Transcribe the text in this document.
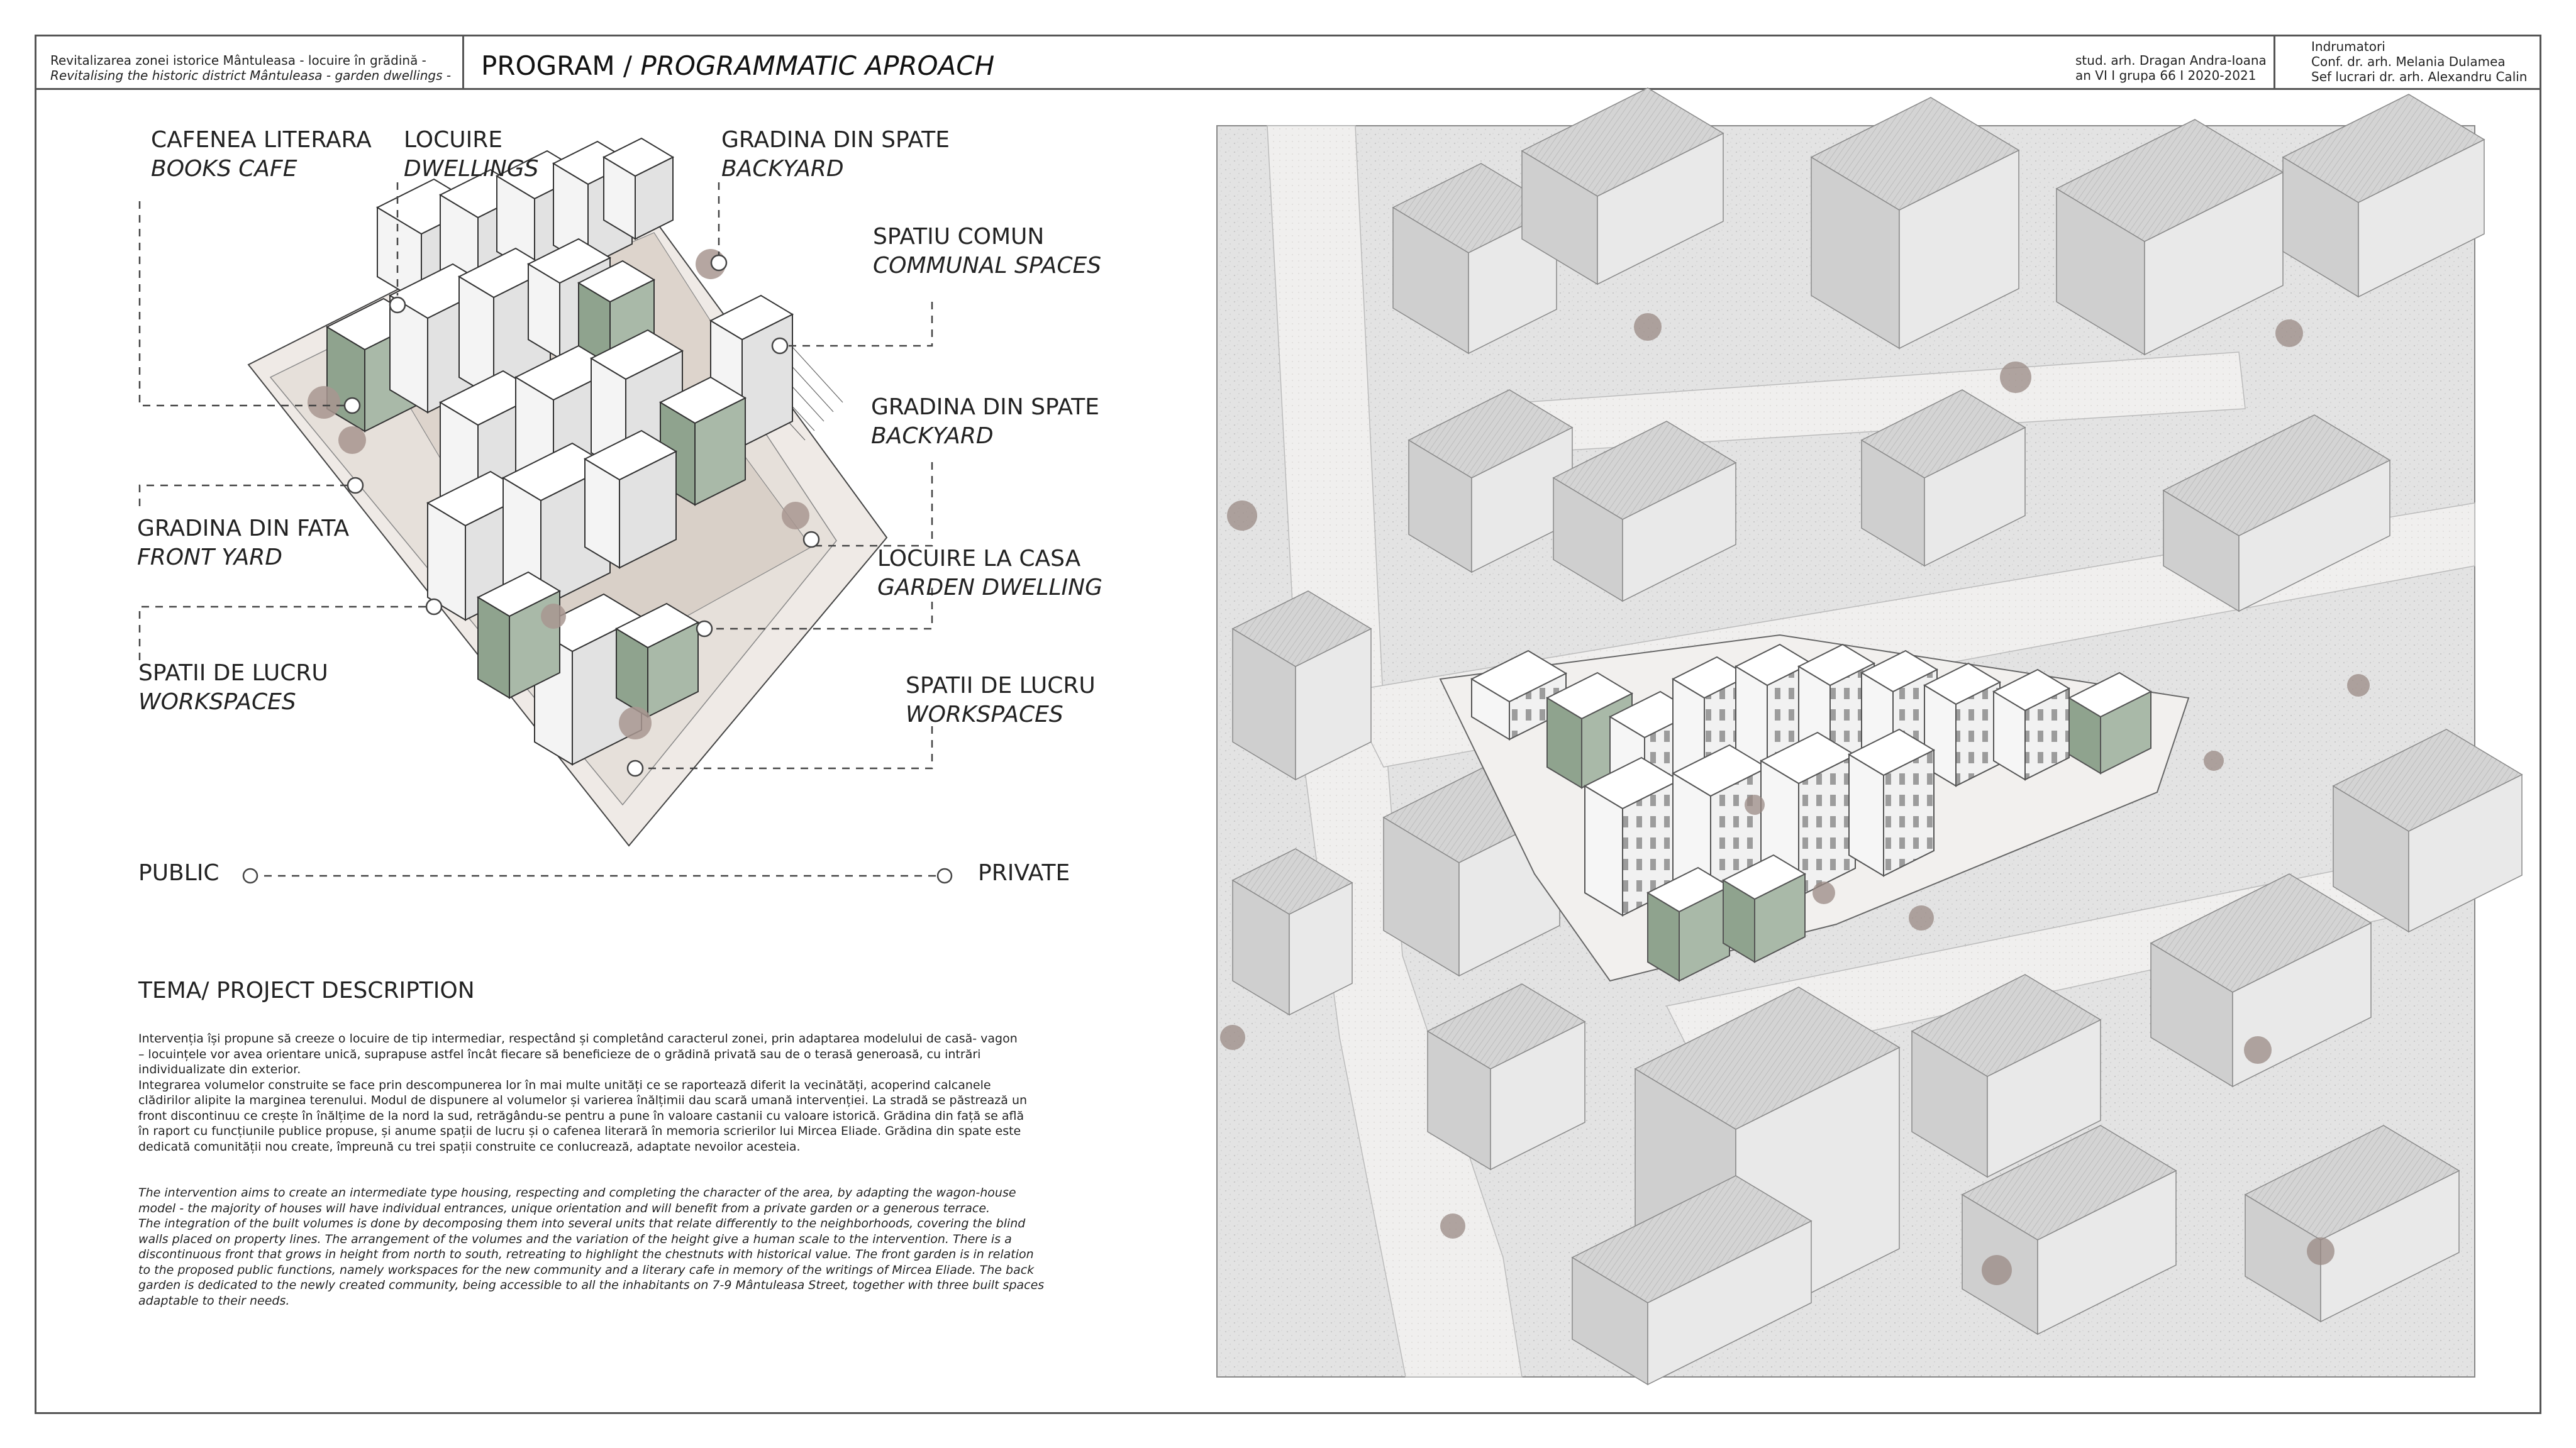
Revitalizarea zonei istorice Mântuleasa - locuire în grădină -
Revitalising the historic district Mântuleasa - garden dwellings - PROGRAM / PROGRAMMATIC APROACH	stud. arh. Dragan Andra-Ioana
an VI I grupa 66 I 2020-2021
Indrumatori
Conf. dr. arh. Melania Dulamea
Sef lucrari dr. arh. Alexandru Calin
CAFENEA LITERARA
BOOKS CAFE
LOCUIRE
DWELLINGS
GRADINA DIN SPATE
BACKYARD
SPATIU COMUN
COMMUNAL SPACES
GRADINA DIN SPATE
BACKYARD
GRADINA DIN FATA
FRONT YARD	LOCUIRE LA CASA
GARDEN DWELLING
SPATII DE LUCRU
WORKSPACES
SPATII DE LUCRU
WORKSPACES
PUBLIC	PRIVATE
TEMA/ PROJECT DESCRIPTION
Intervenția își propune să creeze o locuire de tip intermediar, respectând și completând caracterul zonei, prin adaptarea modelului de casă- vagon
– locuințele vor avea orientare unică, suprapuse astfel încât fiecare să beneficieze de o grădină privată sau de o terasă generoasă, cu intrări
individualizate din exterior.
Integrarea volumelor construite se face prin descompunerea lor în mai multe unități ce se raportează diferit la vecinătăți, acoperind calcanele
clădirilor alipite la marginea terenului. Modul de dispunere al volumelor și varierea înălțimii dau scară umană intervenției. La stradă se păstrează un
front discontinuu ce crește în înălțime de la nord la sud, retrăgându-se pentru a pune în valoare castanii cu valoare istorică. Grădina din față se află
în raport cu funcțiunile publice propuse, și anume spații de lucru și o cafenea literară în memoria scrierilor lui Mircea Eliade. Grădina din spate este
dedicată comunității nou create, împreună cu trei spații construite ce conlucrează, adaptate nevoilor acesteia.
The intervention aims to create an intermediate type housing, respecting and completing the character of the area, by adapting the wagon-house
model - the majority of houses will have individual entrances, unique orientation and will benefit from a private garden or a generous terrace.
The integration of the built volumes is done by decomposing them into several units that relate differently to the neighborhoods, covering the blind
walls placed on property lines. The arrangement of the volumes and the variation of the height give a human scale to the intervention. There is a
discontinuous front that grows in height from north to south, retreating to highlight the chestnuts with historical value. The front garden is in relation
to the proposed public functions, namely workspaces for the new community and a literary cafe in memory of the writings of Mircea Eliade. The back
garden is dedicated to the newly created community, being accessible to all the inhabitants on 7-9 Mântuleasa Street, together with three built spaces
adaptable to their needs.
